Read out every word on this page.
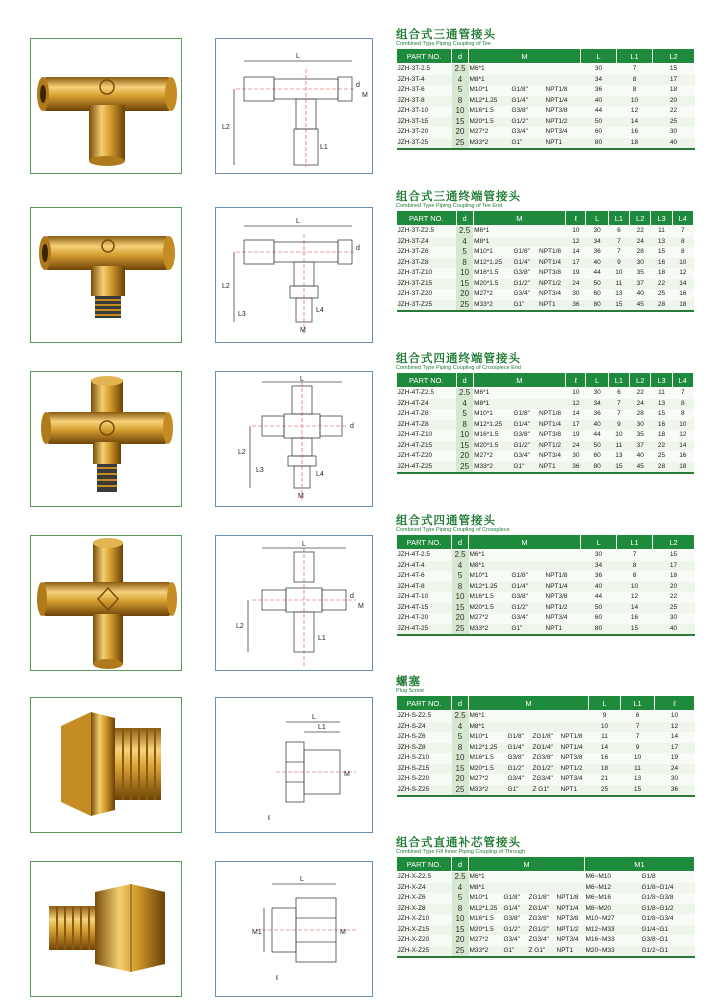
L
L2
L1
d
M
组合式三通管接头
Combined Type Piping Coupling of Tee
PART NO.	d	M			L	L1	L2
JZH-3T-2.5	2.5	M6*1			30	7	15
JZH-3T-4	4	M8*1			34	8	17
JZH-3T-6	5	M10*1	G1/8"	NPT1/8	36	8	18
JZH-3T-8	8	M12*1.25	G1/4"	NPT1/4	40	10	20
JZH-3T-10	10	M16*1.5	G3/8"	NPT3/8	44	12	22
JZH-3T-15	15	M20*1.5	G1/2"	NPT1/2	50	14	25
JZH-3T-20	20	M27*2	G3/4"	NPT3/4	60	16	30
JZH-3T-25	25	M33*2	G1"	NPT1	80	18	40
L
L2
L3
L4
M
d
组合式三通终端管接头
Combined Type Piping Coupling of Tee End
PART NO.	d	M			ℓ	L	L1	L2	L3	L4
JZH-3T-Z2.5	2.5	M6*1			10	30	6	22	11	7
JZH-3T-Z4	4	M8*1			12	34	7	24	13	8
JZH-3T-Z6	5	M10*1	G1/8"	NPT1/8	14	36	7	28	15	8
JZH-3T-Z8	8	M12*1.25	G1/4"	NPT1/4	17	40	9	30	16	10
JZH-3T-Z10	10	M16*1.5	G3/8"	NPT3/8	19	44	10	35	18	12
JZH-3T-Z15	15	M20*1.5	G1/2"	NPT1/2	24	50	11	37	22	14
JZH-3T-Z20	20	M27*2	G3/4"	NPT3/4	30	60	13	40	25	16
JZH-3T-Z25	25	M33*2	G1"	NPT1	36	80	15	45	28	18
L
L2
L3
L4
M
d
组合式四通终端管接头
Combined Type Piping Coupling of Crossplece End
PART NO.	d	M			ℓ	L	L1	L2	L3	L4
JZH-4T-Z2.5	2.5	M6*1			10	30	6	22	11	7
JZH-4T-Z4	4	M8*1			12	34	7	24	13	8
JZH-4T-Z6	5	M10*1	G1/8"	NPT1/8	14	36	7	28	15	8
JZH-4T-Z8	8	M12*1.25	G1/4"	NPT1/4	17	40	9	30	16	10
JZH-4T-Z10	10	M16*1.5	G3/8"	NPT3/8	19	44	10	35	18	12
JZH-4T-Z15	15	M20*1.5	G1/2"	NPT1/2	24	50	11	37	22	14
JZH-4T-Z20	20	M27*2	G3/4"	NPT3/4	30	60	13	40	25	16
JZH-4T-Z25	25	M33*2	G1"	NPT1	36	80	15	45	28	18
L
L2
L1
d
M
组合式四通管接头
Combined Type Piping Coupling of Crossplece
PART NO.	d	M			L	L1	L2
JZH-4T-2.5	2.5	M6*1			30	7	15
JZH-4T-4	4	M8*1			34	8	17
JZH-4T-6	5	M10*1	G1/8"	NPT1/8	36	8	18
JZH-4T-8	8	M12*1.25	G1/4"	NPT1/4	40	10	20
JZH-4T-10	10	M16*1.5	G3/8"	NPT3/8	44	12	22
JZH-4T-15	15	M20*1.5	G1/2"	NPT1/2	50	14	25
JZH-4T-20	20	M27*2	G3/4"	NPT3/4	60	16	30
JZH-4T-25	25	M33*2	G1"	NPT1	80	15	40
L
L1
M
ℓ
螺塞
Plug Screw
PART NO.	d	M				L	L1	ℓ
JZH-S-Z2.5	2.5	M6*1				9	6	10
JZH-S-Z4	4	M8*1				10	7	12
JZH-S-Z6	5	M10*1	G1/8"	ZG1/8"	NPT1/8	11	7	14
JZH-S-Z8	8	M12*1.25	G1/4"	ZG1/4"	NPT1/4	14	9	17
JZH-S-Z10	10	M16*1.5	G3/8"	ZG3/8"	NPT3/8	16	10	19
JZH-S-Z15	15	M20*1.5	G1/2"	ZG1/2"	NPT1/2	18	11	24
JZH-S-Z20	20	M27*2	G3/4"	ZG3/4"	NPT3/4	21	13	30
JZH-S-Z25	25	M33*2	G1"	Z G1"	NPT1	25	15	36
L
M1	M
ℓ
组合式直通补芯管接头
Combined Type Fill Inner Piping Coupling of Through
PART NO.	d	M				M1	
JZH-X-Z2.5	2.5	M6*1				M6~M10	G1/8
JZH-X-Z4	4	M8*1				M6~M12	G1/8~G1/4
JZH-X-Z6	5	M10*1	G1/8"	ZG1/8"	NPT1/8	M6~M16	G1/8~G3/8
JZH-X-Z8	8	M12*1.25	G1/4"	ZG1/4"	NPT1/4	M8~M20	G1/8~G1/2
JZH-X-Z10	10	M16*1.5	G3/8"	ZG3/8"	NPT3/8	M10~M27	G1/8~G3/4
JZH-X-Z15	15	M20*1.5	G1/2"	ZG1/2"	NPT1/2	M12~M33	G1/4~G1
JZH-X-Z20	20	M27*2	G3/4"	ZG3/4"	NPT3/4	M16~M33	G3/8~G1
JZH-X-Z25	25	M33*2	G1"	Z G1"	NPT1	M20~M33	G1/2~G1
